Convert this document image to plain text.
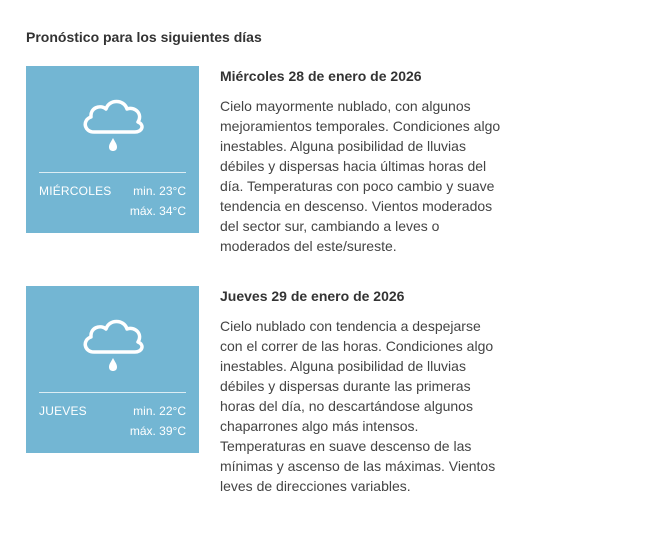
Pronóstico para los siguientes días
MIÉRCOLES min. 23°C
máx. 34°C
Miércoles 28 de enero de 2026
Cielo mayormente nublado, con algunos mejoramientos temporales. Condiciones algo inestables. Alguna posibilidad de lluvias débiles y dispersas hacia últimas horas del día. Temperaturas con poco cambio y suave tendencia en descenso. Vientos moderados del sector sur, cambiando a leves o moderados del este/sureste.
JUEVES	min. 22°C
máx. 39°C
Jueves 29 de enero de 2026
Cielo nublado con tendencia a despejarse con el correr de las horas. Condiciones algo inestables. Alguna posibilidad de lluvias débiles y dispersas durante las primeras horas del día, no descartándose algunos chaparrones algo más intensos. Temperaturas en suave descenso de las mínimas y ascenso de las máximas. Vientos leves de direcciones variables.
